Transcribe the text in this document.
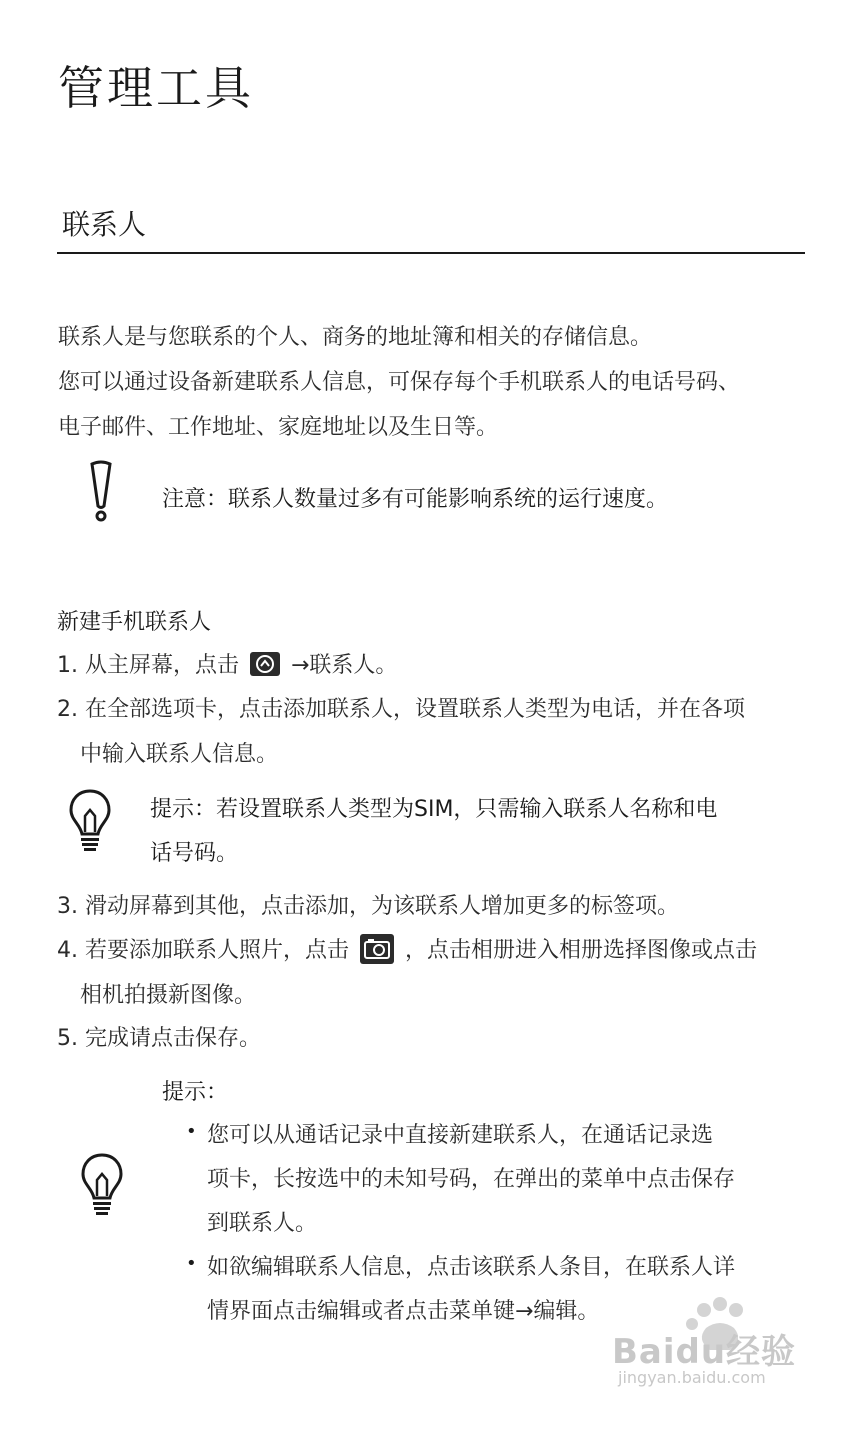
管理工具
联系人
联系人是与您联系的个人、商务的地址簿和相关的存储信息。
您可以通过设备新建联系人信息，可保存每个手机联系人的电话号码、
电子邮件、工作地址、家庭地址以及生日等。
注意：联系人数量过多有可能影响系统的运行速度。
新建手机联系人
1. 从主屏幕，点击 →联系人。
2. 在全部选项卡，点击添加联系人，设置联系人类型为电话，并在各项
中输入联系人信息。
提示：若设置联系人类型为SIM，只需输入联系人名称和电
话号码。
3. 滑动屏幕到其他，点击添加，为该联系人增加更多的标签项。
4. 若要添加联系人照片，点击	，点击相册进入相册选择图像或点击
相机拍摄新图像。
5. 完成请点击保存。
提示：
• 您可以从通话记录中直接新建联系人，在通话记录选
项卡，长按选中的未知号码，在弹出的菜单中点击保存
到联系人。
• 如欲编辑联系人信息，点击该联系人条目，在联系人详
情界面点击编辑或者点击菜单键→编辑。
Baidu经验
jingyan.baidu.com
